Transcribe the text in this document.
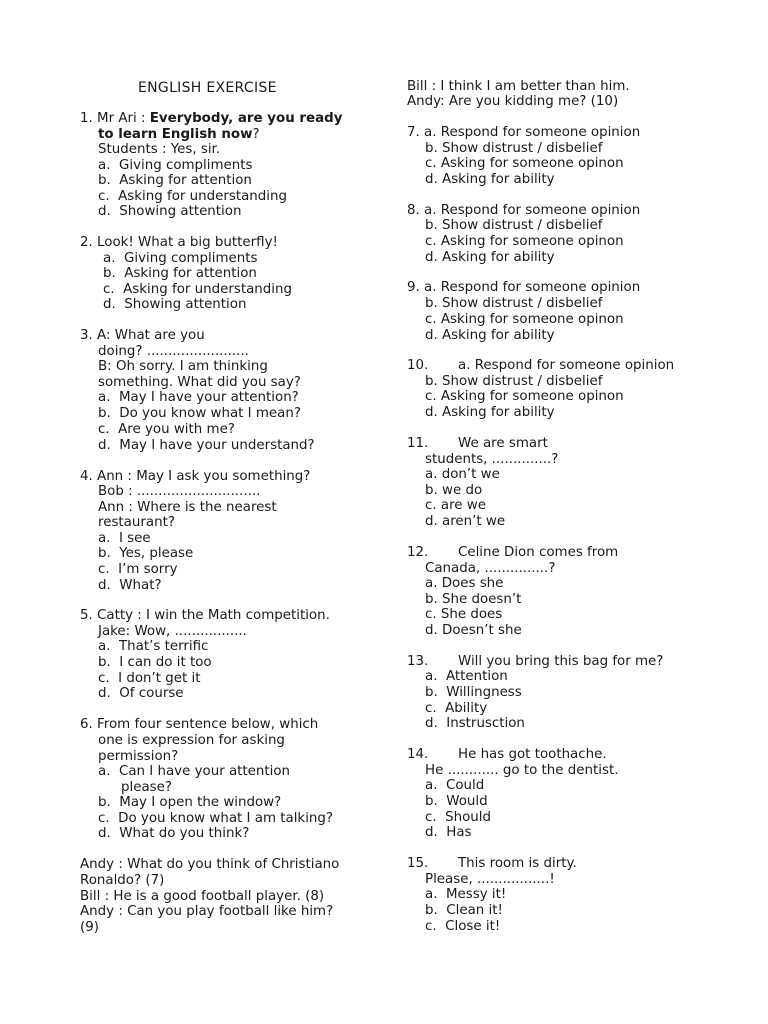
ENGLISH EXERCISE
1. Mr Ari : Everybody, are you ready
to learn English now?
Students : Yes, sir.
a.  Giving compliments
b.  Asking for attention
c.  Asking for understanding
d.  Showing attention
2. Look! What a big butterfly!
a.  Giving compliments
b.  Asking for attention
c.  Asking for understanding
d.  Showing attention
3. A: What are you
doing? ........................
B: Oh sorry. I am thinking
something. What did you say?
a.  May I have your attention?
b.  Do you know what I mean?
c.  Are you with me?
d.  May I have your understand?
4. Ann : May I ask you something?
Bob : .............................
Ann : Where is the nearest
restaurant?
a.  I see
b.  Yes, please
c.  I’m sorry
d.  What?
5. Catty : I win the Math competition.
Jake: Wow, .................
a.  That’s terrific
b.  I can do it too
c.  I don’t get it
d.  Of course
6. From four sentence below, which
one is expression for asking
permission?
a.  Can I have your attention
please?
b.  May I open the window?
c.  Do you know what I am talking?
d.  What do you think?
Andy : What do you think of Christiano
Ronaldo? (7)
Bill : He is a good football player. (8)
Andy : Can you play football like him?
(9)
Bill : I think I am better than him.
Andy: Are you kidding me? (10)
7. a. Respond for someone opinion
b. Show distrust / disbelief
c. Asking for someone opinon
d. Asking for ability
8. a. Respond for someone opinion
b. Show distrust / disbelief
c. Asking for someone opinon
d. Asking for ability
9. a. Respond for someone opinion
b. Show distrust / disbelief
c. Asking for someone opinon
d. Asking for ability
10. a. Respond for someone opinion
b. Show distrust / disbelief
c. Asking for someone opinon
d. Asking for ability
11. We are smart
students, ..............?
a. don’t we
b. we do
c. are we
d. aren’t we
12. Celine Dion comes from
Canada, ...............?
a. Does she
b. She doesn’t
c. She does
d. Doesn’t she
13. Will you bring this bag for me?
a.  Attention
b.  Willingness
c.  Ability
d.  Instrusction
14. He has got toothache.
He ............ go to the dentist.
a.  Could
b.  Would
c.  Should
d.  Has
15. This room is dirty.
Please, .................!
a.  Messy it!
b.  Clean it!
c.  Close it!
